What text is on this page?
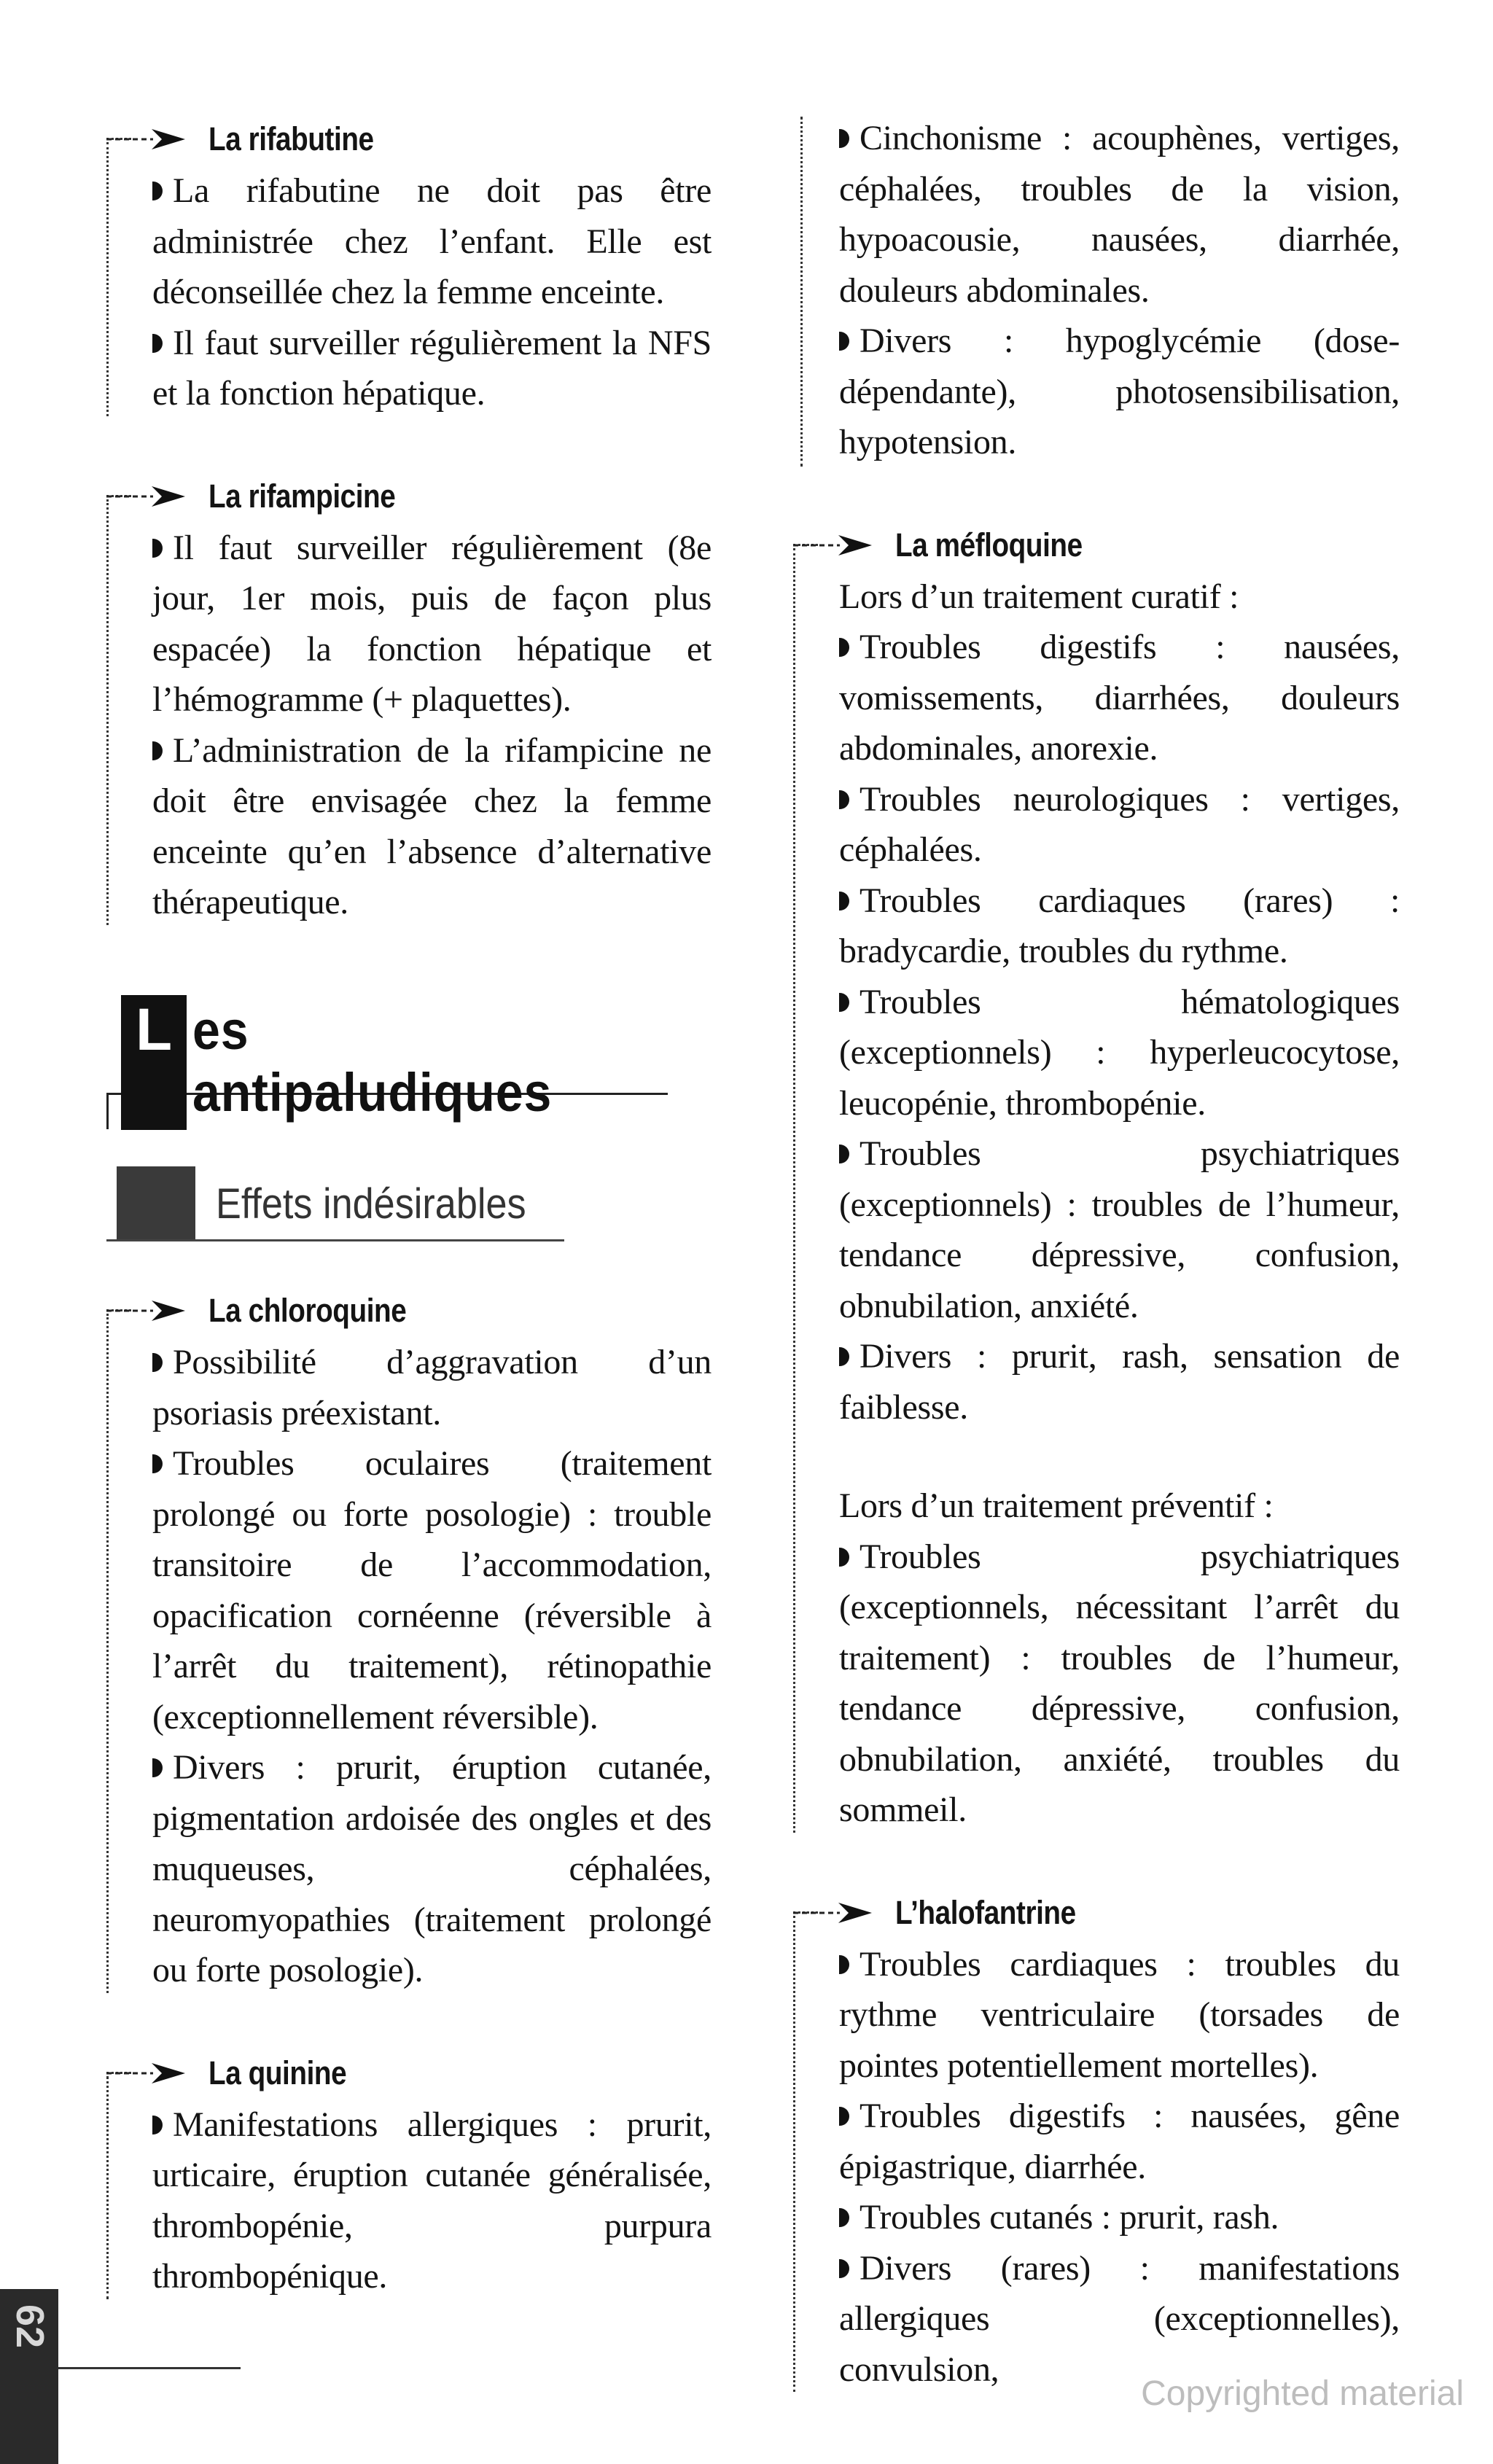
La rifabutine

La rifabutine ne doit pas être administrée chez l’enfant. Elle est déconseillée chez la femme enceinte.

Il faut surveiller régulièrement la NFS et la fonction hépatique.

La rifampicine

Il faut surveiller régulièrement (8e jour, 1er mois, puis de façon plus espacée) la fonction hépatique et l’hémogramme (+ plaquettes).

L’administration de la rifampicine ne doit être envisagée chez la femme enceinte qu’en l’absence d’alternative thérapeutique.

L es antipaludiques
Effets indésirables
La chloroquine

Possibilité d’aggravation d’un psoriasis préexistant.

Troubles oculaires (traitement prolongé ou forte posologie) : trouble transitoire de l’accommodation, opacification cornéenne (réversible à l’arrêt du traitement), rétinopathie (exceptionnellement réversible).

Divers : prurit, éruption cutanée, pigmentation ardoisée des ongles et des muqueuses, céphalées, neuromyopathies (traitement prolongé ou forte posologie).

La quinine

Manifestations allergiques : prurit, urticaire, éruption cutanée généralisée, thrombopénie, purpura thrombopénique.

Cinchonisme : acouphènes, vertiges, céphalées, troubles de la vision, hypoacousie, nausées, diarrhée, douleurs abdominales.

Divers : hypoglycémie (dose-dépendante), photosensibilisation, hypotension.

La méfloquine

Lors d’un traitement curatif :

Troubles digestifs : nausées, vomissements, diarrhées, douleurs abdominales, anorexie.

Troubles neurologiques : vertiges, céphalées.

Troubles cardiaques (rares) : bradycardie, troubles du rythme.

Troubles hématologiques (exceptionnels) : hyperleucocytose, leucopénie, thrombopénie.

Troubles psychiatriques (exceptionnels) : troubles de l’humeur, tendance dépressive, confusion, obnubilation, anxiété.

Divers : prurit, rash, sensation de faiblesse.

Lors d’un traitement préventif :

Troubles psychiatriques (exceptionnels, nécessitant l’arrêt du traitement) : troubles de l’humeur, tendance dépressive, confusion, obnubilation, anxiété, troubles du sommeil.

L’halofantrine

Troubles cardiaques : troubles du rythme ventriculaire (torsades de pointes potentiellement mortelles).

Troubles digestifs : nausées, gêne épigastrique, diarrhée.

Troubles cutanés : prurit, rash.

Divers (rares) : manifestations allergiques (exceptionnelles), convulsion,

62
Copyrighted material
